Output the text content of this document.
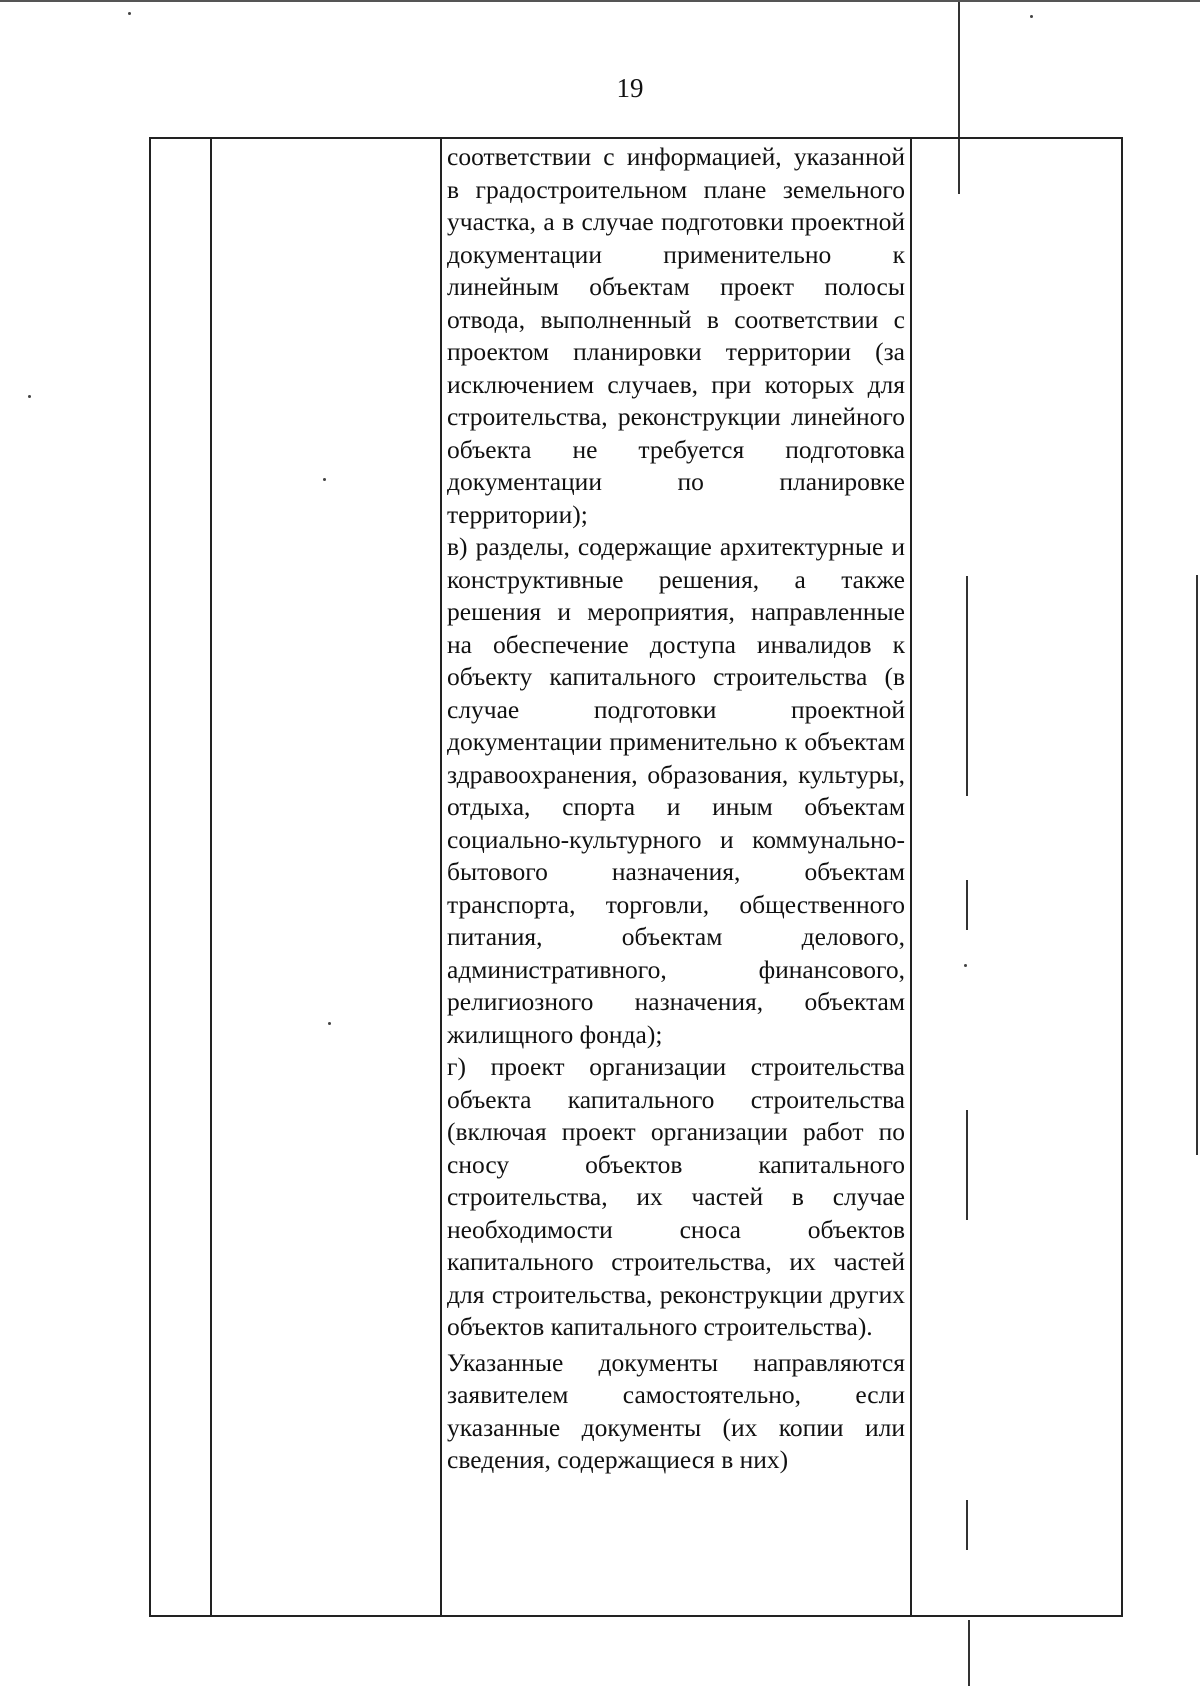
19

соответствии с информацией, указанной в градостроительном плане земельного участка, а в случае подготовки проектной документации применительно к линейным объектам проект полосы отвода, выполненный в соответствии с проектом планировки территории (за исключением случаев, при которых для строительства, реконструкции линейного объекта не требуется подготовка документации по планировке территории);

в) разделы, содержащие архитектурные и конструктивные решения, а также решения и мероприятия, направленные на обеспечение доступа инвалидов к объекту капитального строительства (в случае подготовки проектной документации применительно к объектам здравоохранения, образования, культуры, отдыха, спорта и иным объектам социально-культурного и коммунально-бытового назначения, объектам транспорта, торговли, общественного питания, объектам делового, административного, финансового, религиозного назначения, объектам жилищного фонда);

г) проект организации строительства объекта капитального строительства (включая проект организации работ по сносу объектов капитального строительства, их частей в случае необходимости сноса объектов капитального строительства, их частей для строительства, реконструкции других объектов капитального строительства).

Указанные документы направляются заявителем самостоятельно, если указанные документы (их копии или сведения, содержащиеся в них)
